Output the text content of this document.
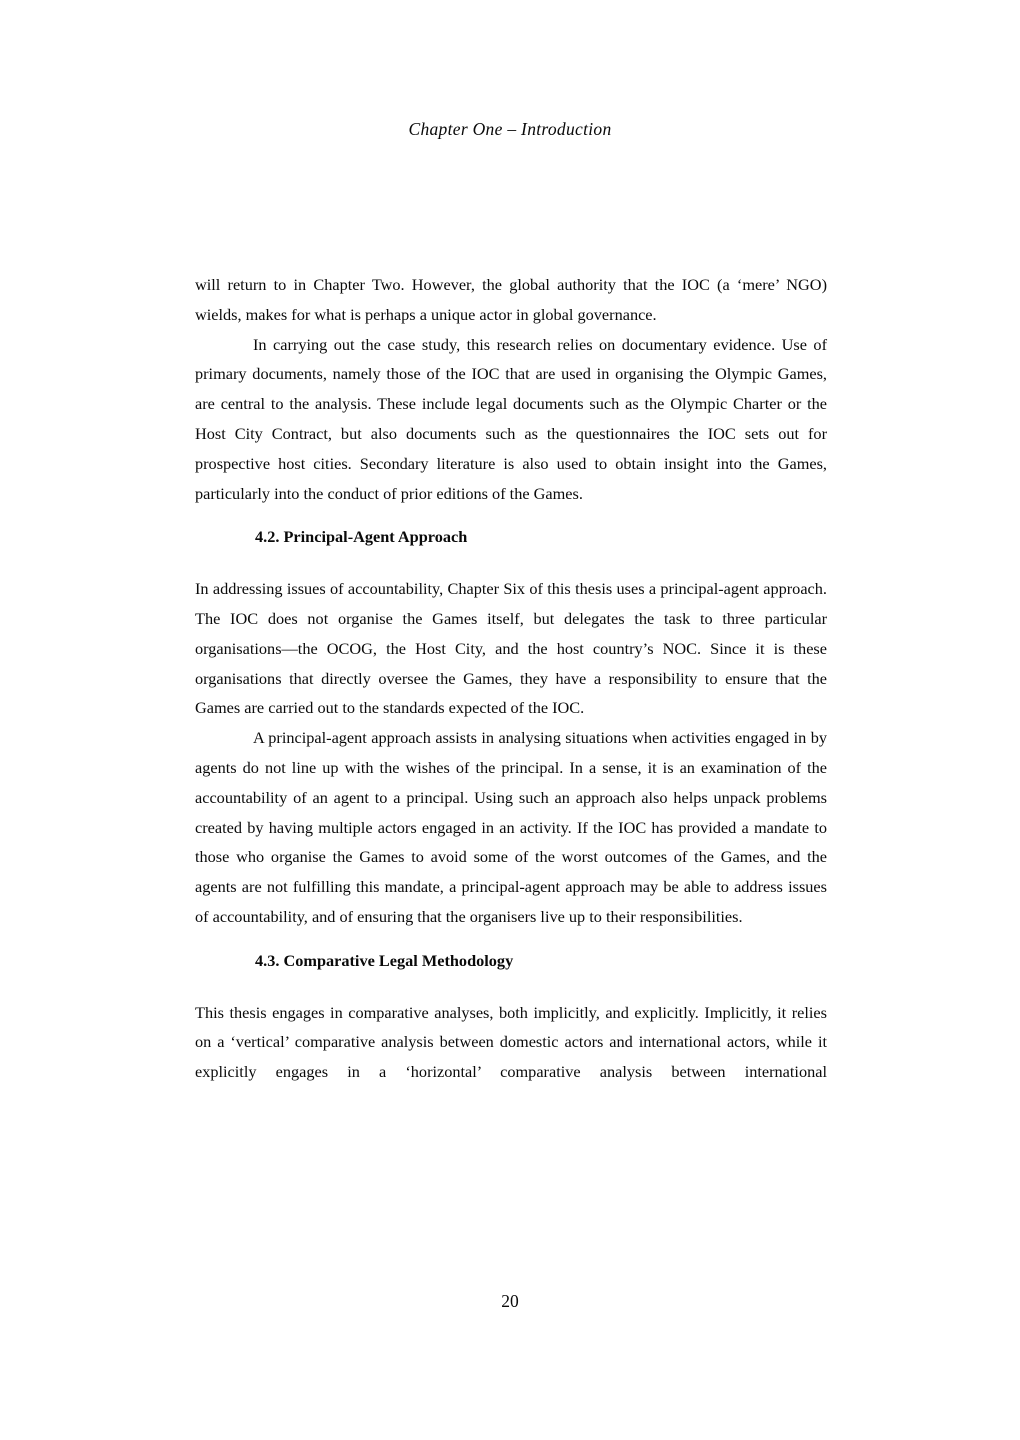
Chapter One – Introduction

will return to in Chapter Two. However, the global authority that the IOC (a ‘mere’ NGO) wields, makes for what is perhaps a unique actor in global governance.

In carrying out the case study, this research relies on documentary evidence. Use of primary documents, namely those of the IOC that are used in organising the Olympic Games, are central to the analysis. These include legal documents such as the Olympic Charter or the Host City Contract, but also documents such as the questionnaires the IOC sets out for prospective host cities. Secondary literature is also used to obtain insight into the Games, particularly into the conduct of prior editions of the Games.

4.2. Principal-Agent Approach

In addressing issues of accountability, Chapter Six of this thesis uses a principal-agent approach. The IOC does not organise the Games itself, but delegates the task to three particular organisations—the OCOG, the Host City, and the host country’s NOC. Since it is these organisations that directly oversee the Games, they have a responsibility to ensure that the Games are carried out to the standards expected of the IOC.

A principal-agent approach assists in analysing situations when activities engaged in by agents do not line up with the wishes of the principal. In a sense, it is an examination of the accountability of an agent to a principal. Using such an approach also helps unpack problems created by having multiple actors engaged in an activity. If the IOC has provided a mandate to those who organise the Games to avoid some of the worst outcomes of the Games, and the agents are not fulfilling this mandate, a principal-agent approach may be able to address issues of accountability, and of ensuring that the organisers live up to their responsibilities.

4.3. Comparative Legal Methodology

This thesis engages in comparative analyses, both implicitly, and explicitly. Implicitly, it relies on a ‘vertical’ comparative analysis between domestic actors and international actors, while it explicitly engages in a ‘horizontal’ comparative analysis between international

20
